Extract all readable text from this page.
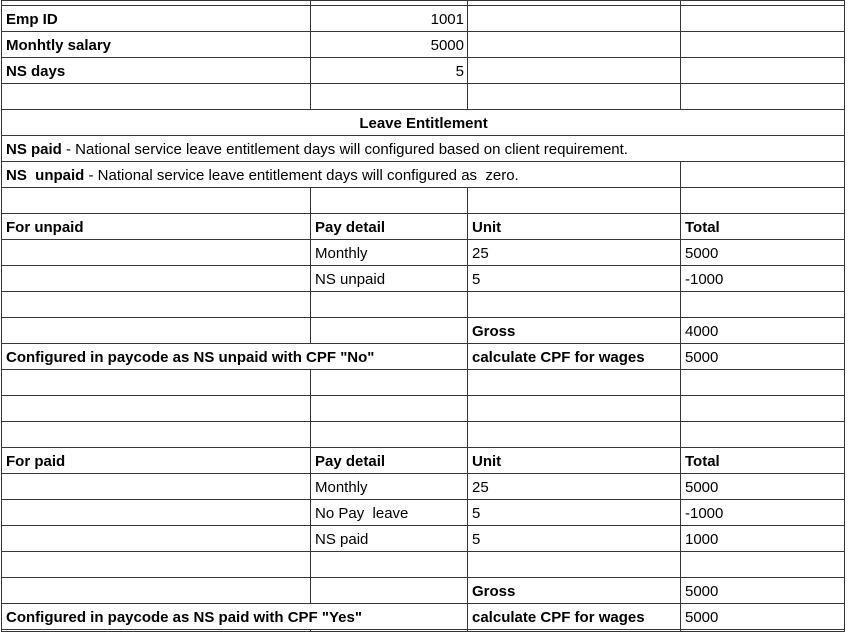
Emp ID	1001		
Monhtly salary	5000		
NS days	5		

Leave Entitlement			
NS paid - National service leave entitlement days will configured based on client requirement.			
NS  unpaid - National service leave entitlement days will configured as  zero.			

For unpaid	Pay detail	Unit	Total
	Monthly	25	5000
	NS unpaid	5	-1000

		Gross	4000
Configured in paycode as NS unpaid with CPF "No"		calculate CPF for wages	5000

For paid	Pay detail	Unit	Total
	Monthly	25	5000
	No Pay  leave	5	-1000
	NS paid	5	1000

		Gross	5000
Configured in paycode as NS paid with CPF "Yes"		calculate CPF for wages	5000
